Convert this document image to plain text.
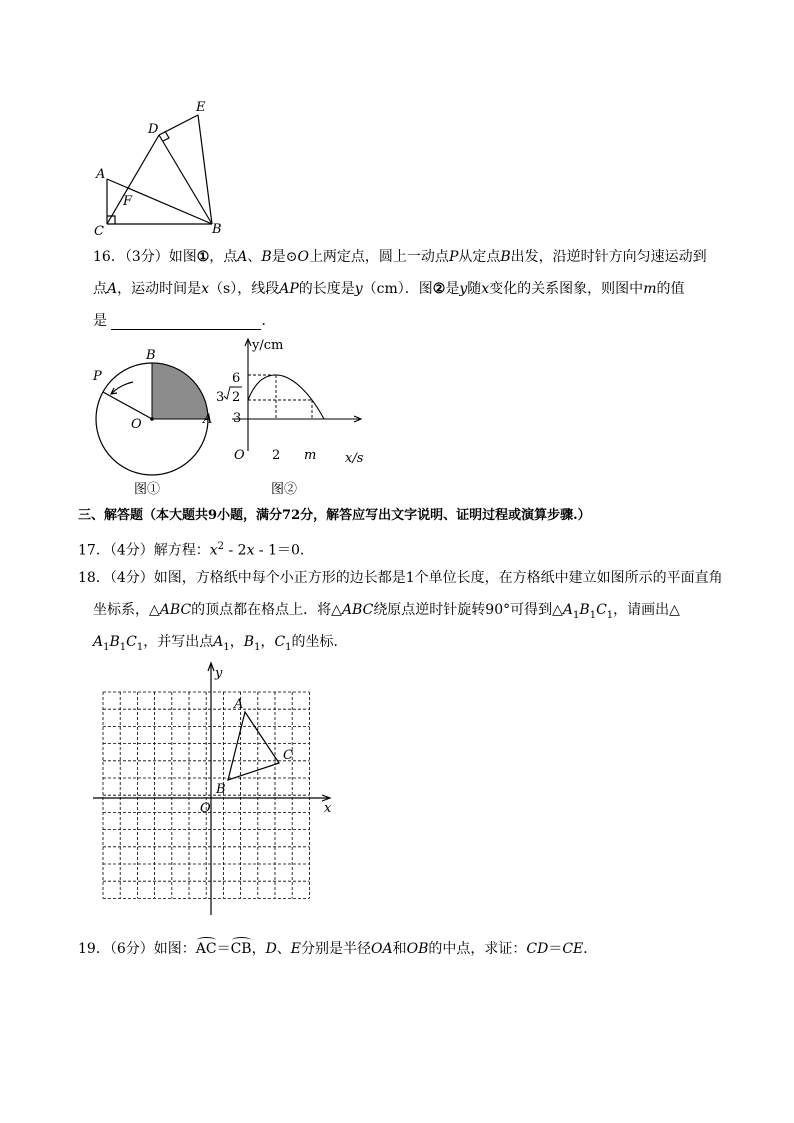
E
D
A
F
C	B
16．（3分）如图①，点A、B是⊙O上两定点，圆上一动点P从定点B出发，沿逆时针方向匀速运动到
点A，运动时间是x（s），线段AP的长度是y（cm）．图②是y随x变化的关系图象，则图中m的值
是	．
B
P
O	A
图①
y/cm
6
3 2
3
O 2 m x/s
图②
三、解答题（本大题共9小题，满分72分，解答应写出文字说明、证明过程或演算步骤.）
17．（4分）解方程：$x^2 - 2x - 1=0$．
18．（4分）如图，方格纸中每个小正方形的边长都是1个单位长度，在方格纸中建立如图所示的平面直角
坐标系，△ABC的顶点都在格点上．将△ABC绕原点逆时针旋转90°可得到$\triangle A_1B_1C_1$，请画出△
$A_1B_1C_1$，并写出点$A_1$，$B_1$，$C_1$的坐标．
y
x
O
A
B
C
19．（6分）如图：AC＝CB，D、E分别是半径OA和OB的中点，求证：CD＝CE．
